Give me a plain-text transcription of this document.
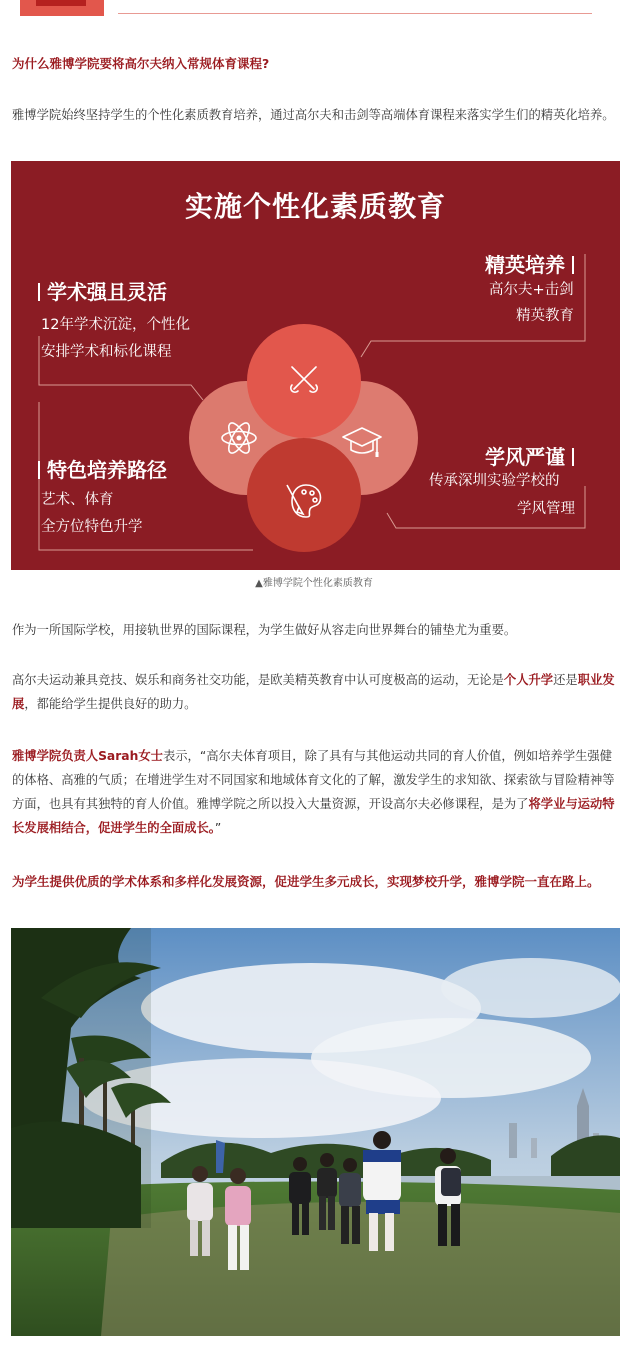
为什么雅博学院要将高尔夫纳入常规体育课程?

雅博学院始终坚持学生的个性化素质教育培养，通过高尔夫和击剑等高端体育课程来落实学生们的精英化培养。

实施个性化素质教育
学术强且灵活
12年学术沉淀，个性化
安排学术和标化课程
精英培养
高尔夫+击剑
精英教育
特色培养路径
艺术、体育
全方位特色升学
学风严谨
传承深圳实验学校的
学风管理
▲雅博学院个性化素质教育

作为一所国际学校，用接轨世界的国际课程，为学生做好从容走向世界舞台的铺垫尤为重要。

高尔夫运动兼具竞技、娱乐和商务社交功能，是欧美精英教育中认可度极高的运动，无论是个人升学还是职业发展，都能给学生提供良好的助力。

雅博学院负责人Sarah女士表示，“高尔夫体育项目，除了具有与其他运动共同的育人价值，例如培养学生强健的体格、高雅的气质；在增进学生对不同国家和地域体育文化的了解，激发学生的求知欲、探索欲与冒险精神等方面，也具有其独特的育人价值。雅博学院之所以投入大量资源，开设高尔夫必修课程，是为了将学业与运动特长发展相结合，促进学生的全面成长。”

为学生提供优质的学术体系和多样化发展资源，促进学生多元成长，实现梦校升学，雅博学院一直在路上。
